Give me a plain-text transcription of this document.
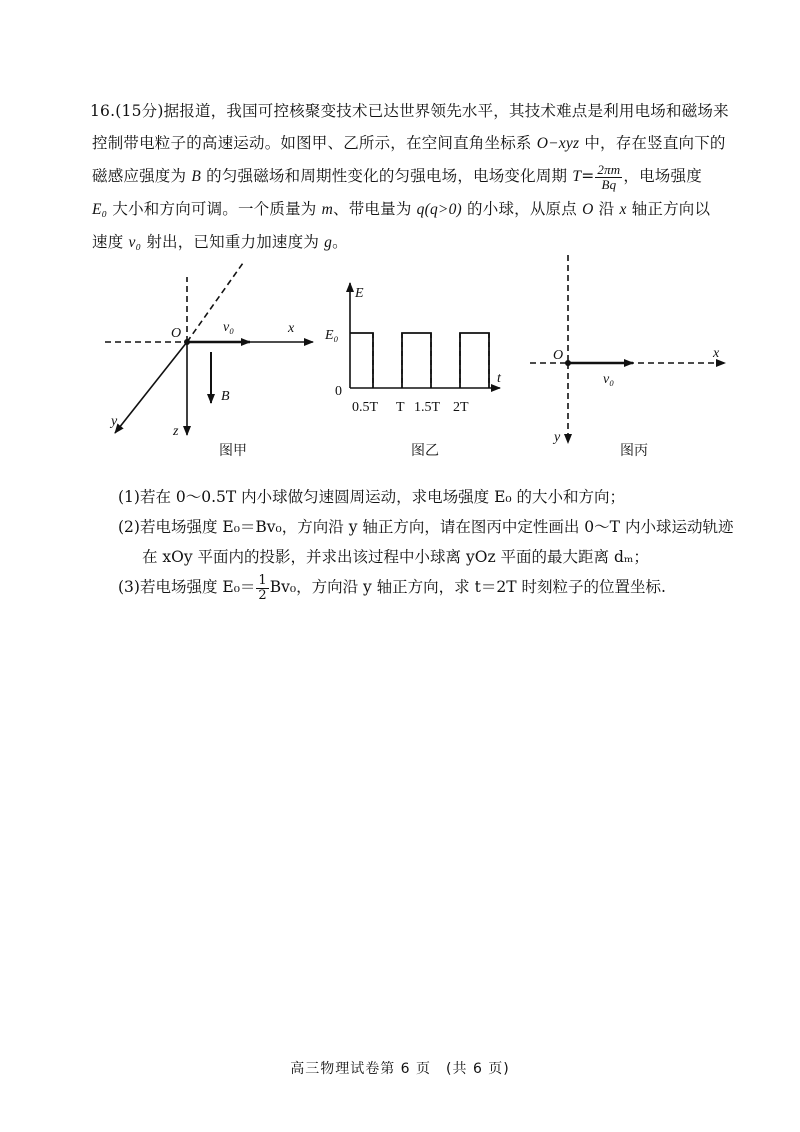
16.(15分)据报道，我国可控核聚变技术已达世界领先水平，其技术难点是利用电场和磁场来

控制带电粒子的高速运动。如图甲、乙所示，在空间直角坐标系 O−xyz 中，存在竖直向下的

磁感应强度为 B 的匀强磁场和周期性变化的匀强电场，电场变化周期 $T= \frac{2\pi m}{Bq}$ ，电场强度

E₀ 大小和方向可调。一个质量为 m、带电量为 q(q>0) 的小球，从原点 O 沿 x 轴正方向以

速度 v₀ 射出，已知重力加速度为 g。

O	v₀	x
y
z
B
图甲
E
E₀
0
t
0.5T T 1.5T 2T
图乙
O	x
y
v₀
图丙

(1)若在 0～0.5T 内小球做匀速圆周运动，求电场强度 E₀ 的大小和方向；

(2)若电场强度 E₀＝Bv₀，方向沿 y 轴正方向，请在图丙中定性画出 0～T 内小球运动轨迹

在 xOy 平面内的投影，并求出该过程中小球离 yOz 平面的最大距离 dₘ；

(3)若电场强度 $E_0= \frac{1}{2} Bv_0$，方向沿 y 轴正方向，求 t＝2T 时刻粒子的位置坐标.

高三物理试卷第 6 页　(共 6 页)
